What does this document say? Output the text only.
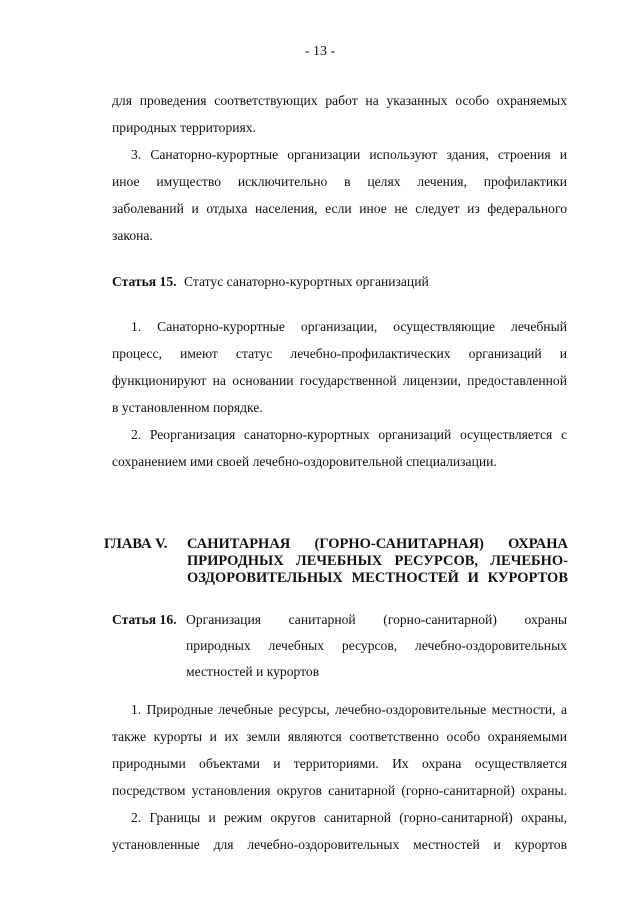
- 13 -
для проведения соответствующих работ на указанных особо охраняемых
природных территориях.
3. Санаторно-курортные организации используют здания, строения и
иное имущество исключительно в целях лечения, профилактики
заболеваний и отдыха населения, если иное не следует из федерального
закона.
Статья 15. Статус санаторно-курортных организаций
1. Санаторно-курортные организации, осуществляющие лечебный
процесс, имеют статус лечебно-профилактических организаций и
функционируют на основании государственной лицензии, предоставленной
в установленном порядке.
2. Реорганизация санаторно-курортных организаций осуществляется с
сохранением ими своей лечебно-оздоровительной специализации.
ГЛАВА V. САНИТАРНАЯ (ГОРНО-САНИТАРНАЯ) ОХРАНА
ПРИРОДНЫХ ЛЕЧЕБНЫХ РЕСУРСОВ, ЛЕЧЕБНО-
ОЗДОРОВИТЕЛЬНЫХ МЕСТНОСТЕЙ И КУРОРТОВ
Статья 16. Организация санитарной (горно-санитарной) охраны
природных лечебных ресурсов, лечебно-оздоровительных
местностей и курортов
1. Природные лечебные ресурсы, лечебно-оздоровительные местности, а
также курорты и их земли являются соответственно особо охраняемыми
природными объектами и территориями. Их охрана осуществляется
посредством установления округов санитарной (горно-санитарной) охраны.
2. Границы и режим округов санитарной (горно-санитарной) охраны,
установленные для лечебно-оздоровительных местностей и курортов
